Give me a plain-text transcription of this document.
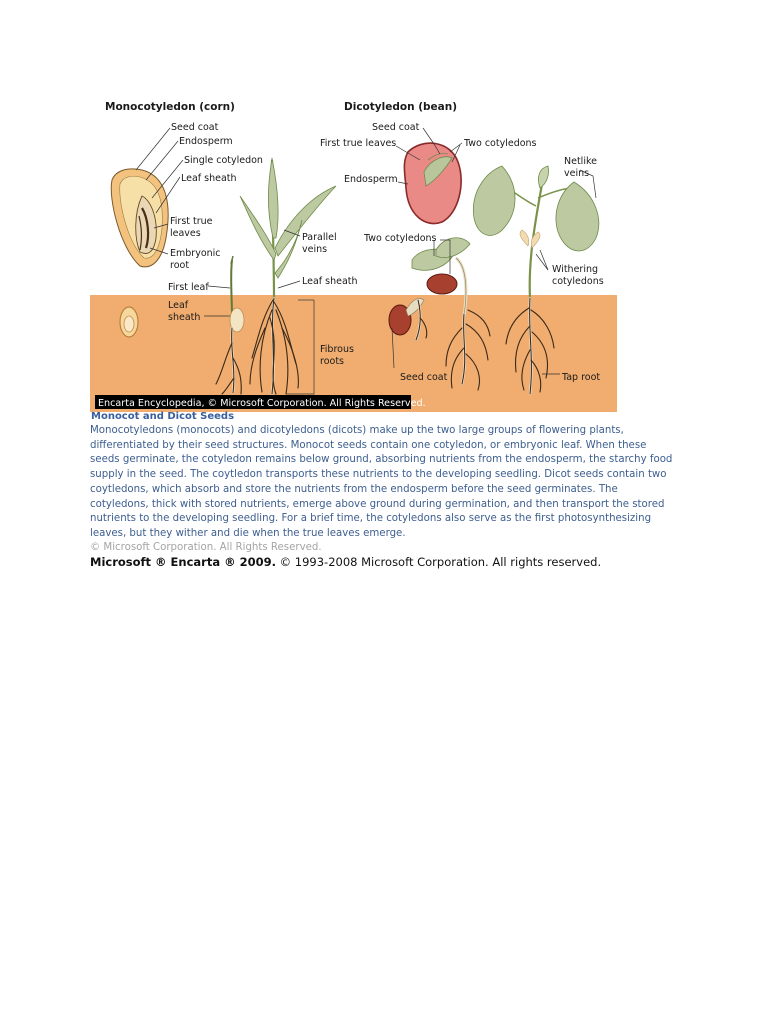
Monocotyledon (corn)	Dicotyledon (bean)
Seed coat
Endosperm
Single cotyledon
Leaf sheath
First true
leaves
Embryonic
root
First leaf
Leaf
sheath
Parallel
veins
Leaf sheath
Fibrous
roots
Seed coat
First true leaves	Two cotyledons
Endosperm
Two cotyledons
Seed coat
Netlike
veins
Withering
cotyledons
Tap root
Encarta Encyclopedia, © Microsoft Corporation. All Rights Reserved.

Monocot and Dicot Seeds

Monocotyledons (monocots) and dicotyledons (dicots) make up the two large groups of flowering plants, differentiated by their seed structures. Monocot seeds contain one cotyledon, or embryonic leaf. When these seeds germinate, the cotyledon remains below ground, absorbing nutrients from the endosperm, the starchy food supply in the seed. The coytledon transports these nutrients to the developing seedling. Dicot seeds contain two coytledons, which absorb and store the nutrients from the endosperm before the seed germinates. The cotyledons, thick with stored nutrients, emerge above ground during germination, and then transport the stored nutrients to the developing seedling. For a brief time, the cotyledons also serve as the first photosynthesizing leaves, but they wither and die when the true leaves emerge.

© Microsoft Corporation. All Rights Reserved.

Microsoft ® Encarta ® 2009. © 1993-2008 Microsoft Corporation. All rights reserved.
